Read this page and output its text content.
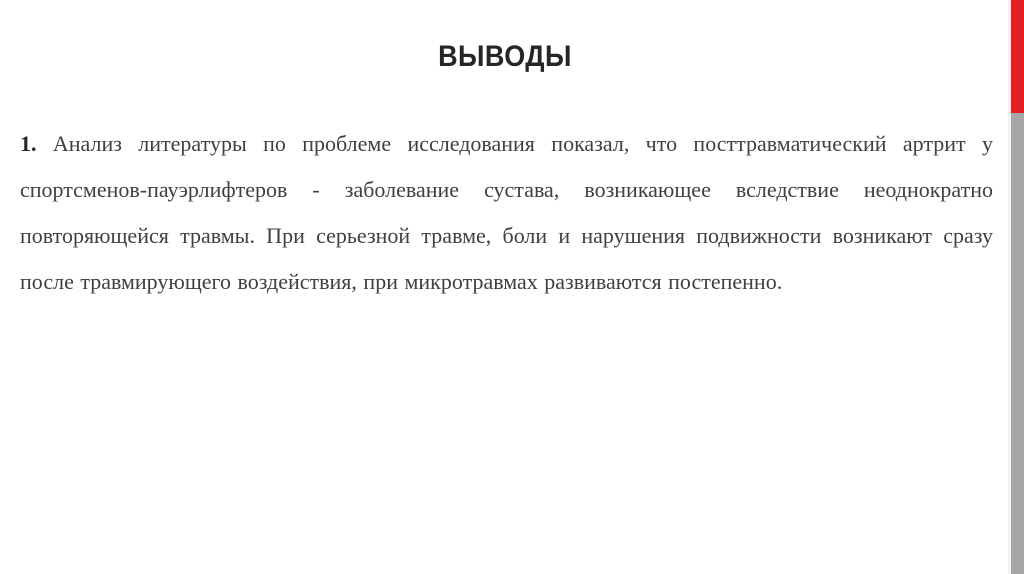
ВЫВОДЫ
1. Анализ литературы по проблеме исследования показал, что посттравматический артрит у спортсменов-пауэрлифтеров - заболевание сустава, возникающее вследствие неоднократно повторяющейся травмы. При серьезной травме, боли и нарушения подвижности возникают сразу после травмирующего воздействия, при микротравмах развиваются постепенно.
